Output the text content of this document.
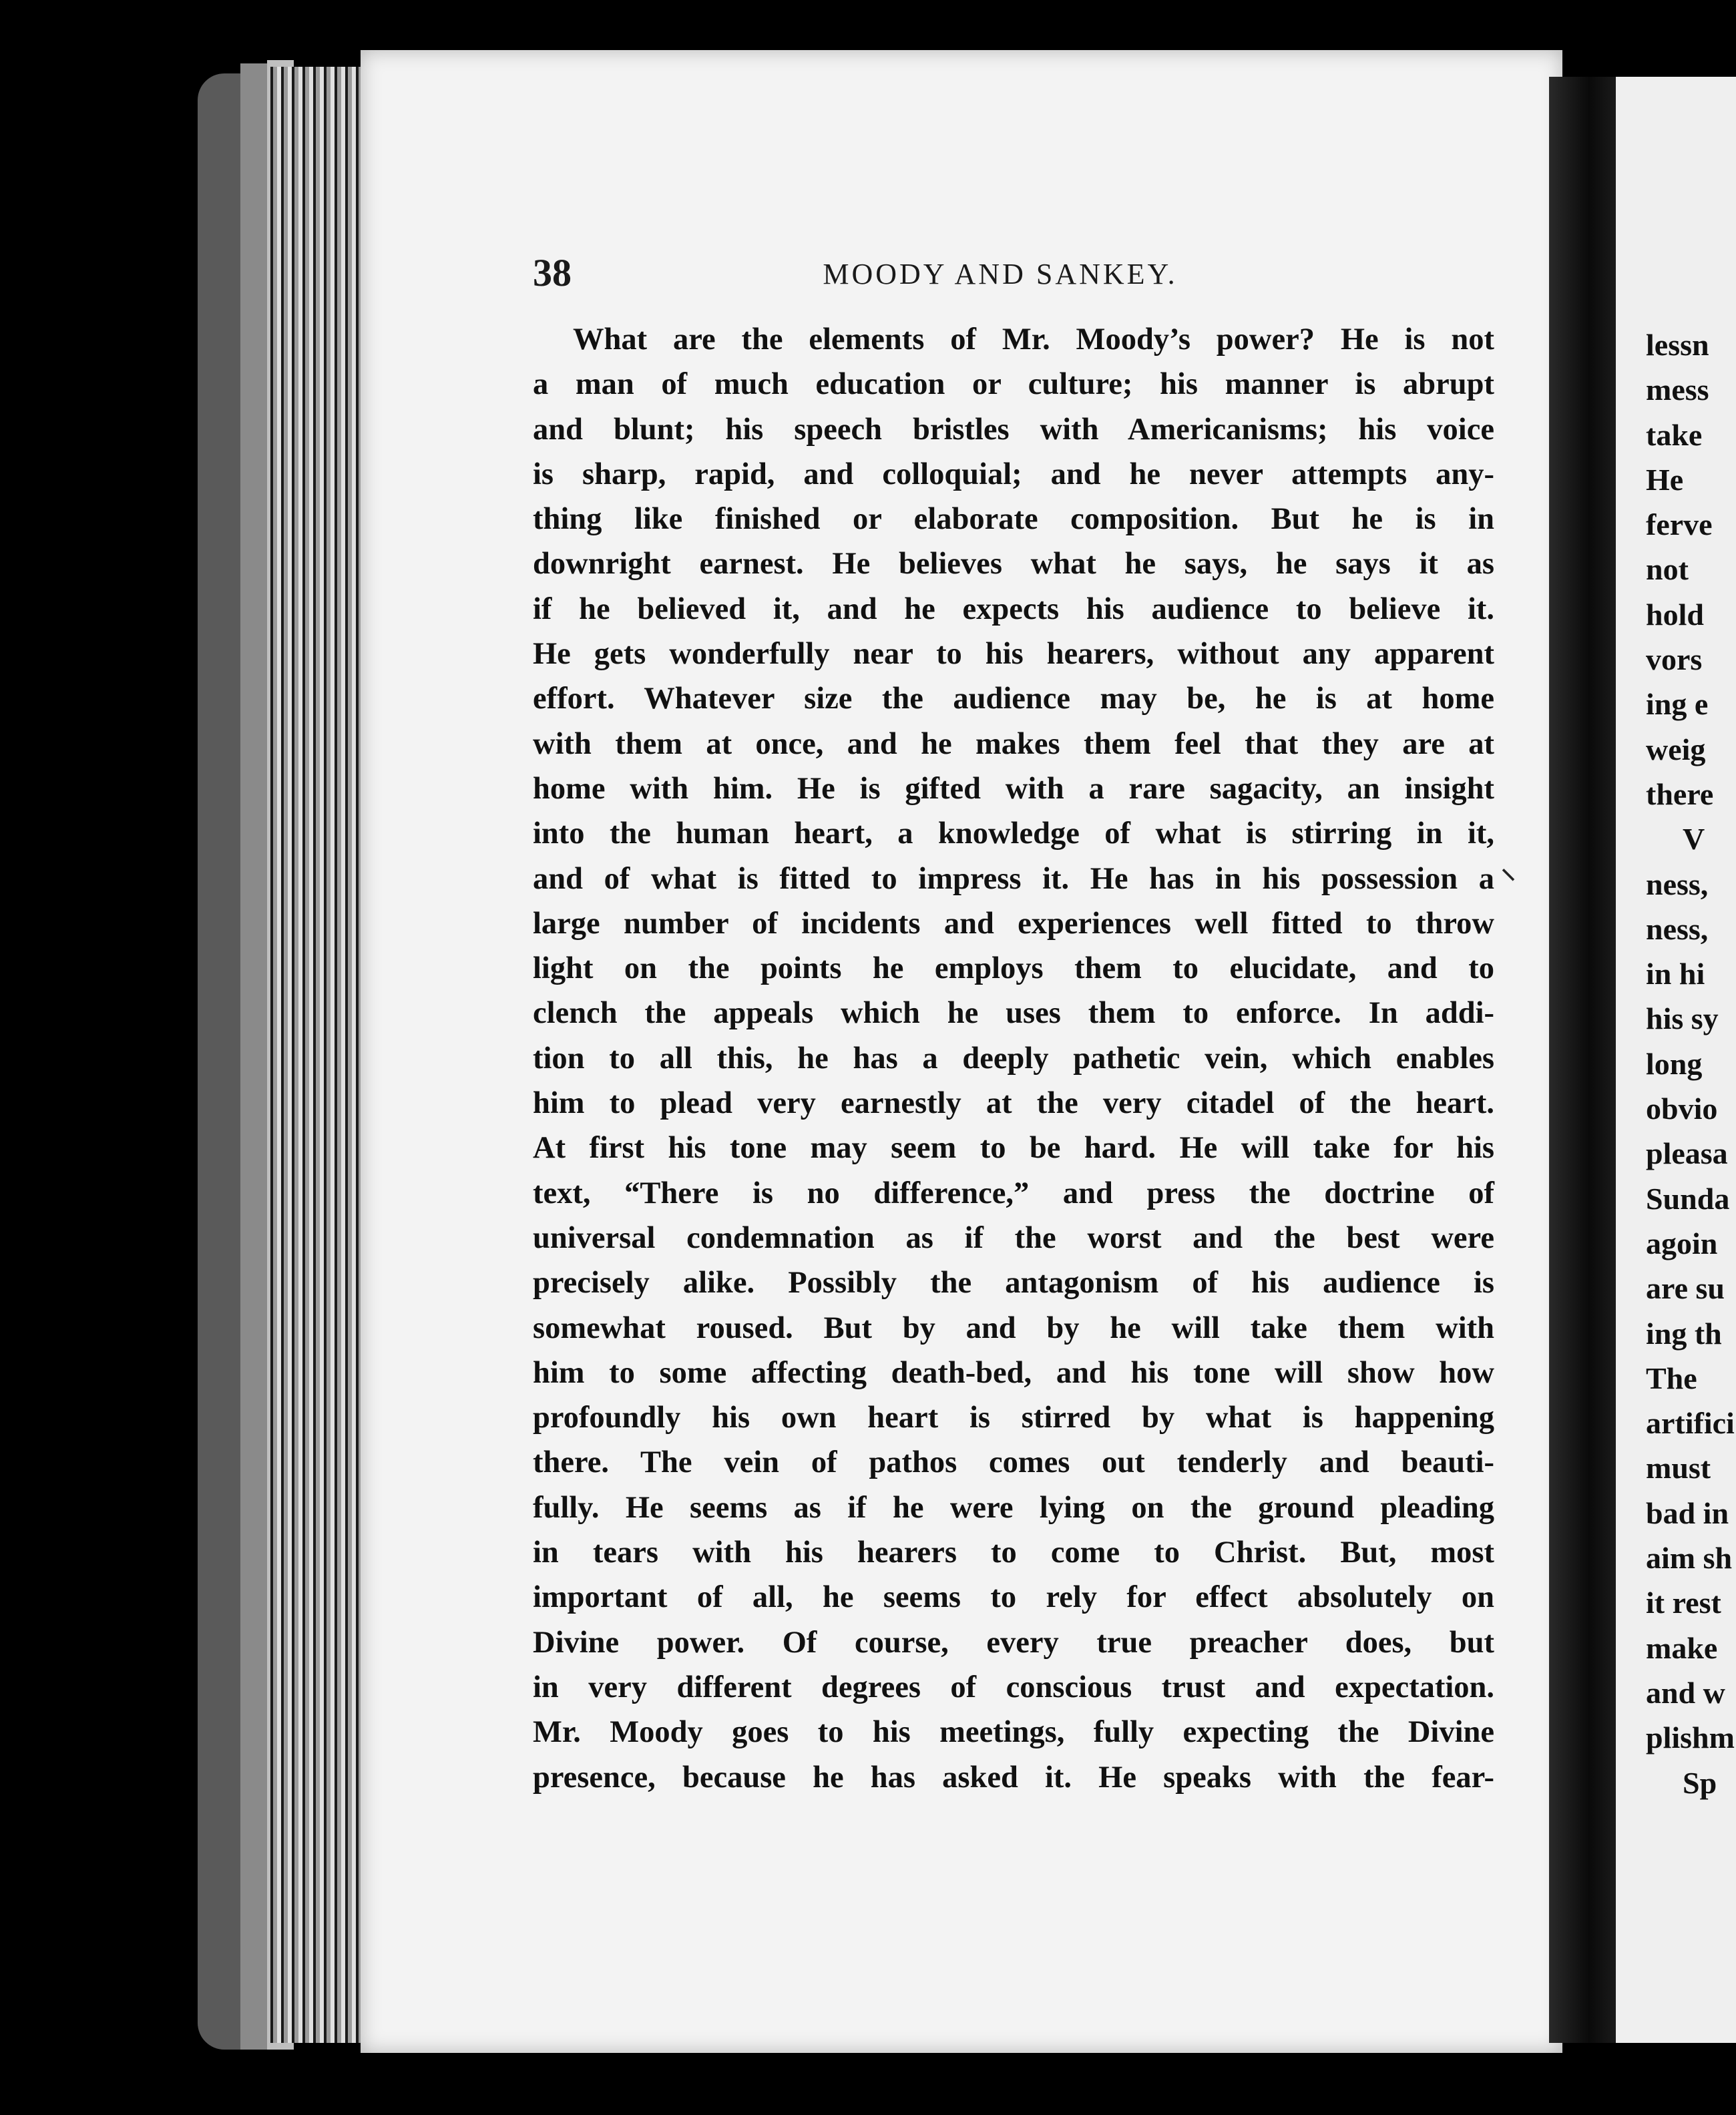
38	MOODY AND SANKEY.
What are the elements of Mr. Moody’s power? He is not
a man of much education or culture; his manner is abrupt
and blunt; his speech bristles with Americanisms; his voice
is sharp, rapid, and colloquial; and he never attempts any-
thing like finished or elaborate composition. But he is in
downright earnest. He believes what he says, he says it as
if he believed it, and he expects his audience to believe it.
He gets wonderfully near to his hearers, without any apparent
effort. Whatever size the audience may be, he is at home
with them at once, and he makes them feel that they are at
home with him. He is gifted with a rare sagacity, an insight
into the human heart, a knowledge of what is stirring in it,
and of what is fitted to impress it. He has in his possession a
large number of incidents and experiences well fitted to throw
light on the points he employs them to elucidate, and to
clench the appeals which he uses them to enforce. In addi-
tion to all this, he has a deeply pathetic vein, which enables
him to plead very earnestly at the very citadel of the heart.
At first his tone may seem to be hard. He will take for his
text, “There is no difference,” and press the doctrine of
universal condemnation as if the worst and the best were
precisely alike. Possibly the antagonism of his audience is
somewhat roused. But by and by he will take them with
him to some affecting death-bed, and his tone will show how
profoundly his own heart is stirred by what is happening
there. The vein of pathos comes out tenderly and beauti-
fully. He seems as if he were lying on the ground pleading
in tears with his hearers to come to Christ. But, most
important of all, he seems to rely for effect absolutely on
Divine power. Of course, every true preacher does, but
in very different degrees of conscious trust and expectation.
Mr. Moody goes to his meetings, fully expecting the Divine
presence, because he has asked it. He speaks with the fear-
⸜
lessn
mess
take
He
ferve
not
hold
vors
ing e
weig
there
V
ness,
ness,
in hi
his sy
long
obvio
pleasa
Sunda
agoin
are su
ing th
The
artifici
must
bad in
aim sh
it rest
make
and w
plishm
Sp
